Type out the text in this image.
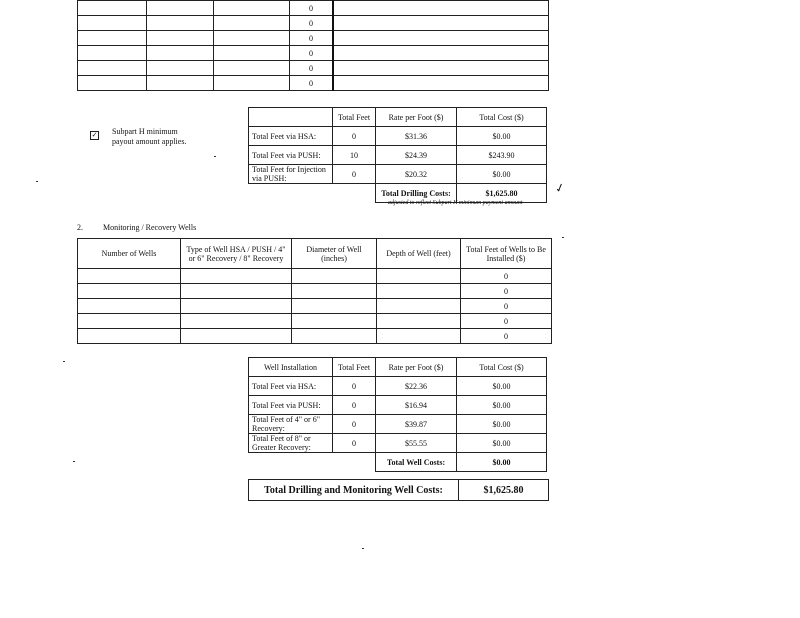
			0	
			0	
			0	
			0	
			0	
			0	
✓ Subpart H minimum payout amount applies.
	Total Feet	Rate per Foot ($)	Total Cost ($)
Total Feet via HSA:	0	$31.36	$0.00
Total Feet via PUSH:	10	$24.39	$243.90
Total Feet for Injection via PUSH:	0	$20.32	$0.00
		Total Drilling Costs:	$1,625.80
adjusted to reflect Subpart H minimum payment amount
✓
2.	Monitoring / Recovery Wells
Number of Wells	Type of Well HSA / PUSH / 4" or 6" Recovery / 8" Recovery	Diameter of Well (inches)	Depth of Well (feet)	Total Feet of Wells to Be Installed ($)
				0
				0
				0
				0
				0
Well Installation	Total Feet	Rate per Foot ($)	Total Cost ($)
Total Feet via HSA:	0	$22.36	$0.00
Total Feet via PUSH:	0	$16.94	$0.00
Total Feet of 4" or 6" Recovery:	0	$39.87	$0.00
Total Feet of 8" or Greater Recovery:	0	$55.55	$0.00
		Total Well Costs:	$0.00
Total Drilling and Monitoring Well Costs:	$1,625.80
